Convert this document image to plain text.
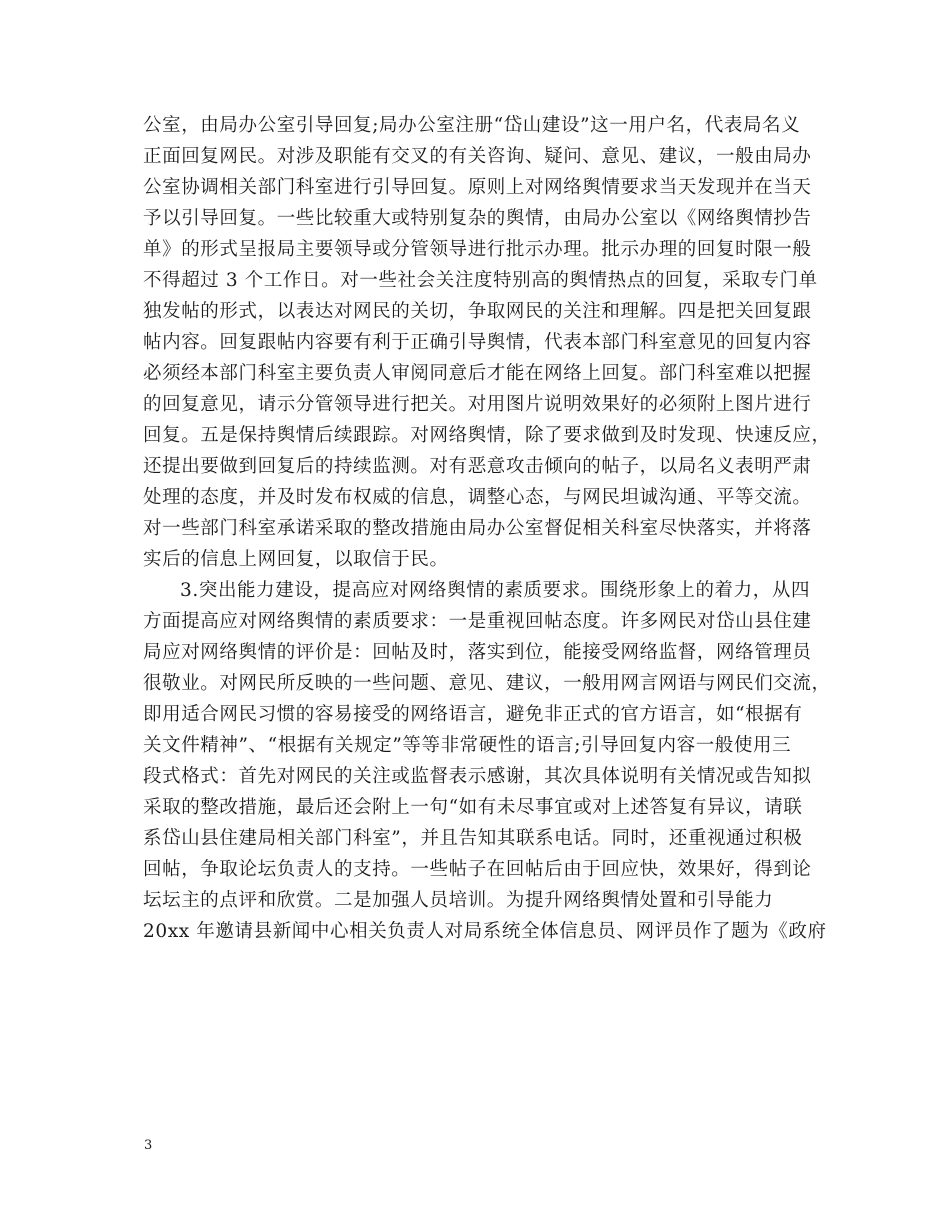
公室，由局办公室引导回复;局办公室注册“岱山建设”这一用户名，代表局名义
正面回复网民。对涉及职能有交叉的有关咨询、疑问、意见、建议，一般由局办
公室协调相关部门科室进行引导回复。原则上对网络舆情要求当天发现并在当天
予以引导回复。一些比较重大或特别复杂的舆情，由局办公室以《网络舆情抄告
单》的形式呈报局主要领导或分管领导进行批示办理。批示办理的回复时限一般
不得超过 3 个工作日。对一些社会关注度特别高的舆情热点的回复，采取专门单
独发帖的形式，以表达对网民的关切，争取网民的关注和理解。四是把关回复跟
帖内容。回复跟帖内容要有利于正确引导舆情，代表本部门科室意见的回复内容
必须经本部门科室主要负责人审阅同意后才能在网络上回复。部门科室难以把握
的回复意见，请示分管领导进行把关。对用图片说明效果好的必须附上图片进行
回复。五是保持舆情后续跟踪。对网络舆情，除了要求做到及时发现、快速反应，
还提出要做到回复后的持续监测。对有恶意攻击倾向的帖子，以局名义表明严肃
处理的态度，并及时发布权威的信息，调整心态，与网民坦诚沟通、平等交流。
对一些部门科室承诺采取的整改措施由局办公室督促相关科室尽快落实，并将落
实后的信息上网回复，以取信于民。
3.突出能力建设，提高应对网络舆情的素质要求。围绕形象上的着力，从四
方面提高应对网络舆情的素质要求：一是重视回帖态度。许多网民对岱山县住建
局应对网络舆情的评价是：回帖及时，落实到位，能接受网络监督，网络管理员
很敬业。对网民所反映的一些问题、意见、建议，一般用网言网语与网民们交流，
即用适合网民习惯的容易接受的网络语言，避免非正式的官方语言，如“根据有
关文件精神”、“根据有关规定”等等非常硬性的语言;引导回复内容一般使用三
段式格式：首先对网民的关注或监督表示感谢，其次具体说明有关情况或告知拟
采取的整改措施，最后还会附上一句“如有未尽事宜或对上述答复有异议，请联
系岱山县住建局相关部门科室”，并且告知其联系电话。同时，还重视通过积极
回帖，争取论坛负责人的支持。一些帖子在回帖后由于回应快，效果好，得到论
坛坛主的点评和欣赏。二是加强人员培训。为提升网络舆情处置和引导能力
20xx 年邀请县新闻中心相关负责人对局系统全体信息员、网评员作了题为《政府
3
